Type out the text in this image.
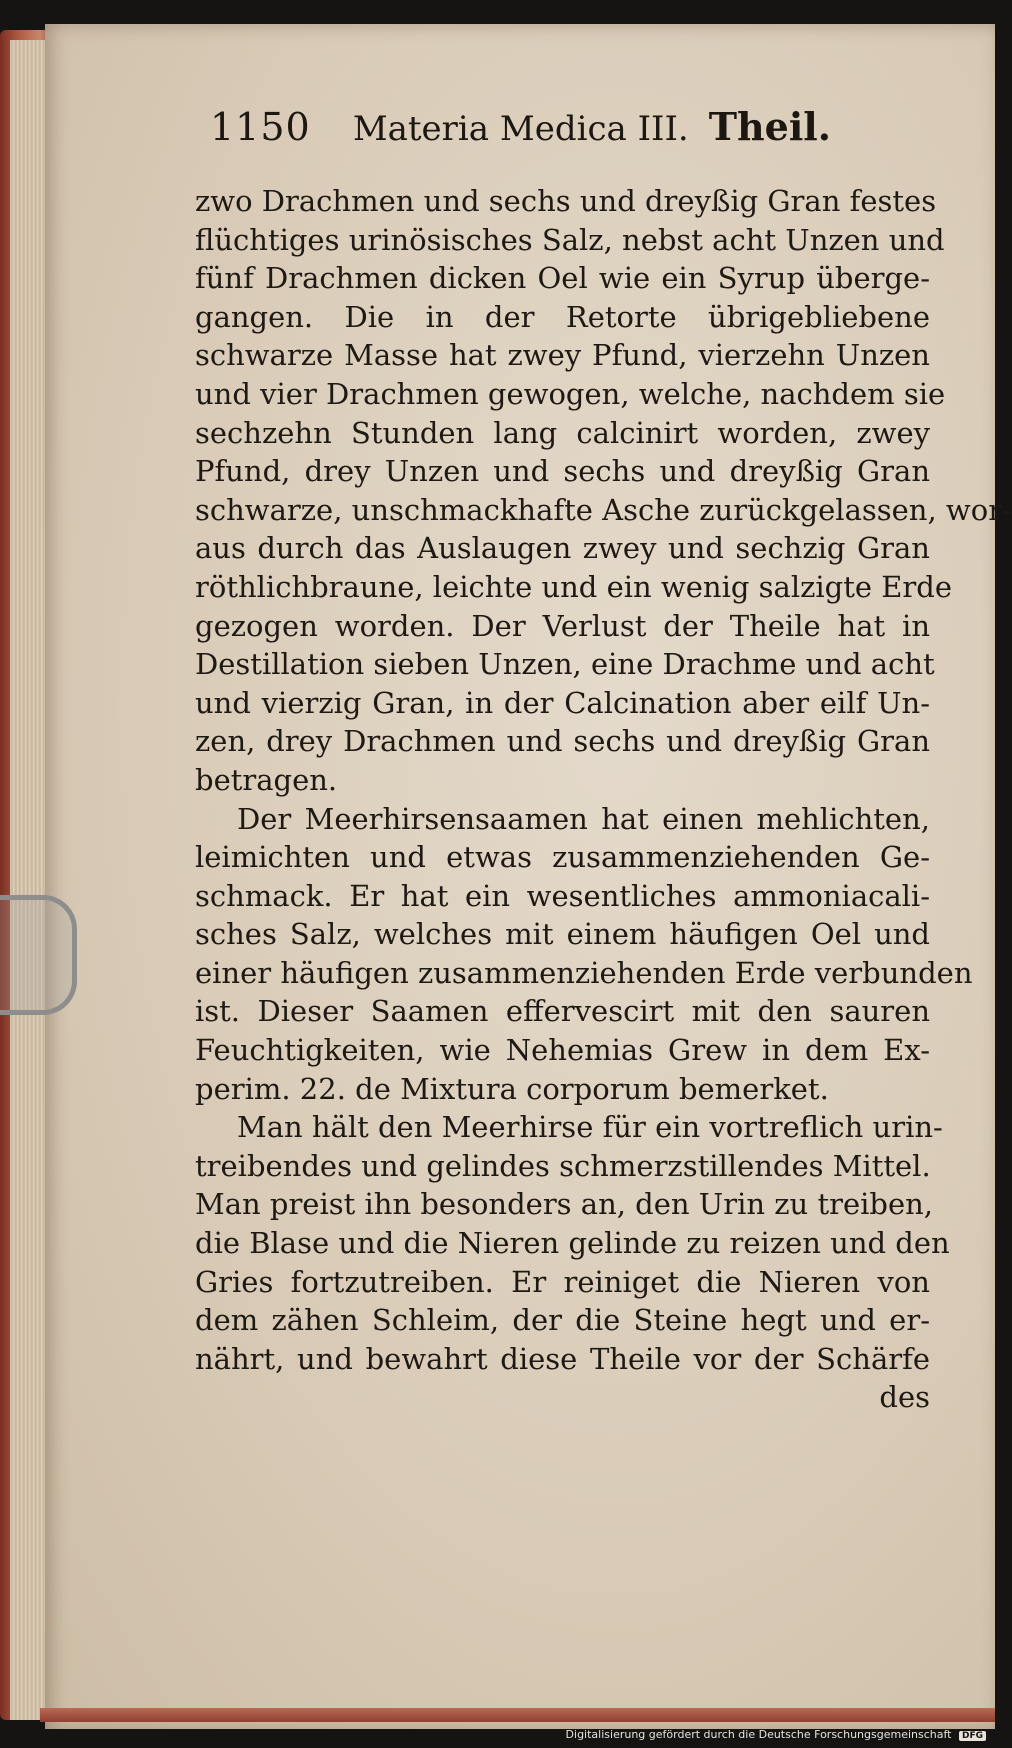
1150 Materia Medica III. Theil.
zwo Drachmen und sechs und dreyßig Gran festes
flüchtiges urinösisches Salz, nebst acht Unzen und
fünf Drachmen dicken Oel wie ein Syrup überge-
gangen. Die in der Retorte übrigebliebene
schwarze Masse hat zwey Pfund, vierzehn Unzen
und vier Drachmen gewogen, welche, nachdem sie
sechzehn Stunden lang calcinirt worden, zwey
Pfund, drey Unzen und sechs und dreyßig Gran
schwarze, unschmackhafte Asche zurückgelassen, wor-
aus durch das Auslaugen zwey und sechzig Gran
röthlichbraune, leichte und ein wenig salzigte Erde
gezogen worden. Der Verlust der Theile hat in
Destillation sieben Unzen, eine Drachme und acht
und vierzig Gran, in der Calcination aber eilf Un-
zen, drey Drachmen und sechs und dreyßig Gran
betragen.
Der Meerhirsensaamen hat einen mehlichten,
leimichten und etwas zusammenziehenden Ge-
schmack. Er hat ein wesentliches ammoniacali-
sches Salz, welches mit einem häufigen Oel und
einer häufigen zusammenziehenden Erde verbunden
ist. Dieser Saamen effervescirt mit den sauren
Feuchtigkeiten, wie Nehemias Grew in dem Ex-
perim. 22. de Mixtura corporum bemerket.
Man hält den Meerhirse für ein vortreflich urin-
treibendes und gelindes schmerzstillendes Mittel.
Man preist ihn besonders an, den Urin zu treiben,
die Blase und die Nieren gelinde zu reizen und den
Gries fortzutreiben. Er reiniget die Nieren von
dem zähen Schleim, der die Steine hegt und er-
nährt, und bewahrt diese Theile vor der Schärfe
des
Digitalisierung gefördert durch die Deutsche Forschungsgemeinschaft DFG
